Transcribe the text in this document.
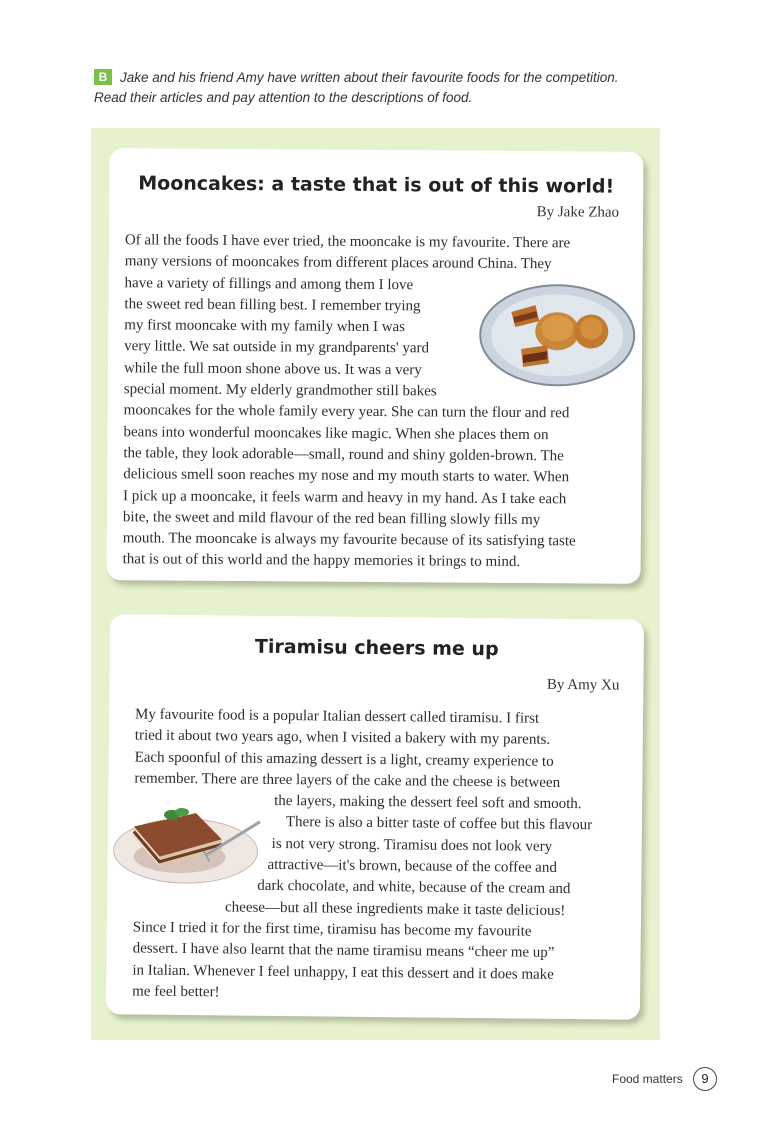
B Jake and his friend Amy have written about their favourite foods for the competition.
Read their articles and pay attention to the descriptions of food.
Mooncakes: a taste that is out of this world!
By Jake Zhao
Of all the foods I have ever tried, the mooncake is my favourite. There are
many versions of mooncakes from different places around China. They
have a variety of fillings and among them I love
the sweet red bean filling best. I remember trying
my first mooncake with my family when I was
very little. We sat outside in my grandparents' yard
while the full moon shone above us. It was a very
special moment. My elderly grandmother still bakes
mooncakes for the whole family every year. She can turn the flour and red
beans into wonderful mooncakes like magic. When she places them on
the table, they look adorable—small, round and shiny golden-brown. The
delicious smell soon reaches my nose and my mouth starts to water. When
I pick up a mooncake, it feels warm and heavy in my hand. As I take each
bite, the sweet and mild flavour of the red bean filling slowly fills my
mouth. The mooncake is always my favourite because of its satisfying taste
that is out of this world and the happy memories it brings to mind.
Tiramisu cheers me up
By Amy Xu
My favourite food is a popular Italian dessert called tiramisu. I first
tried it about two years ago, when I visited a bakery with my parents.
Each spoonful of this amazing dessert is a light, creamy experience to
remember. There are three layers of the cake and the cheese is between
the layers, making the dessert feel soft and smooth.
There is also a bitter taste of coffee but this flavour
is not very strong. Tiramisu does not look very
attractive—it's brown, because of the coffee and
dark chocolate, and white, because of the cream and
cheese—but all these ingredients make it taste delicious!
Since I tried it for the first time, tiramisu has become my favourite
dessert. I have also learnt that the name tiramisu means “cheer me up”
in Italian. Whenever I feel unhappy, I eat this dessert and it does make
me feel better!
Food matters	9
